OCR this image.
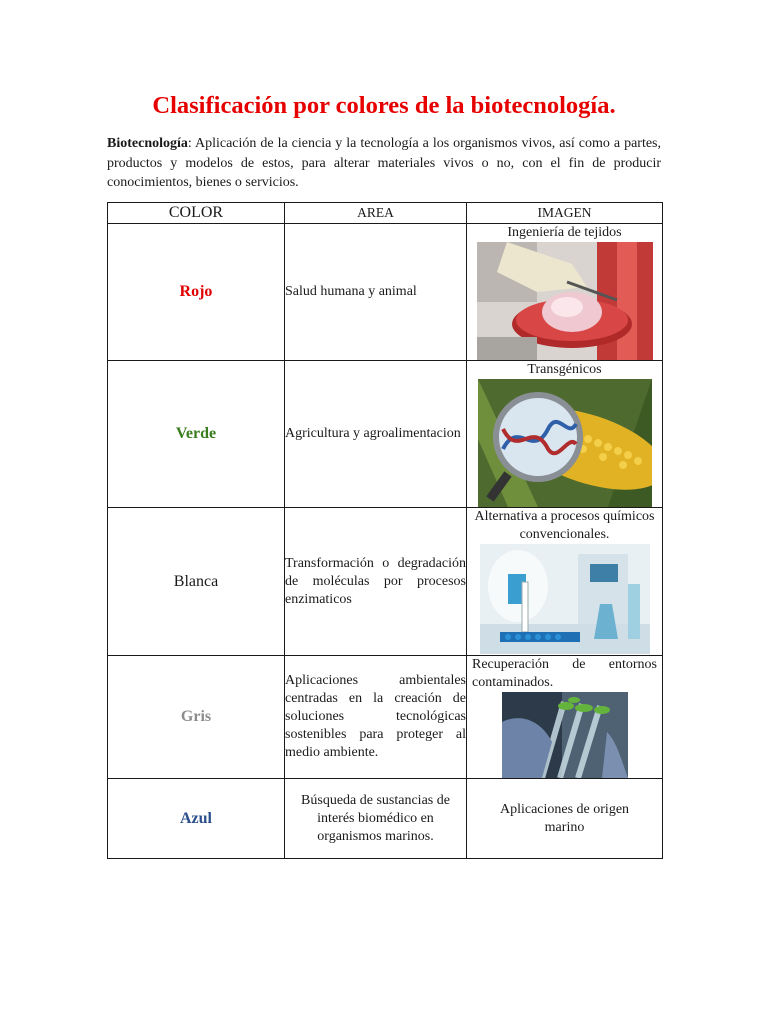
Clasificación por colores de la biotecnología.

Biotecnología: Aplicación de la ciencia y la tecnología a los organismos vivos, así como a partes, productos y modelos de estos, para alterar materiales vivos o no, con el fin de producir conocimientos, bienes o servicios.

COLOR	AREA	IMAGEN
Rojo	Salud humana y animal	Ingeniería de tejidos

Verde	Agricultura y agroalimentacion	Transgénicos

Blanca	Transformación o degradación de moléculas por procesos enzimaticos	Alternativa a procesos químicos convencionales.

Gris	Aplicaciones ambientales centradas en la creación de soluciones tecnológicas sostenibles para proteger al medio ambiente.	Recuperación de entornos contaminados.

Azul	Búsqueda de sustancias de interés biomédico en organismos marinos.	Aplicaciones de origen marino
